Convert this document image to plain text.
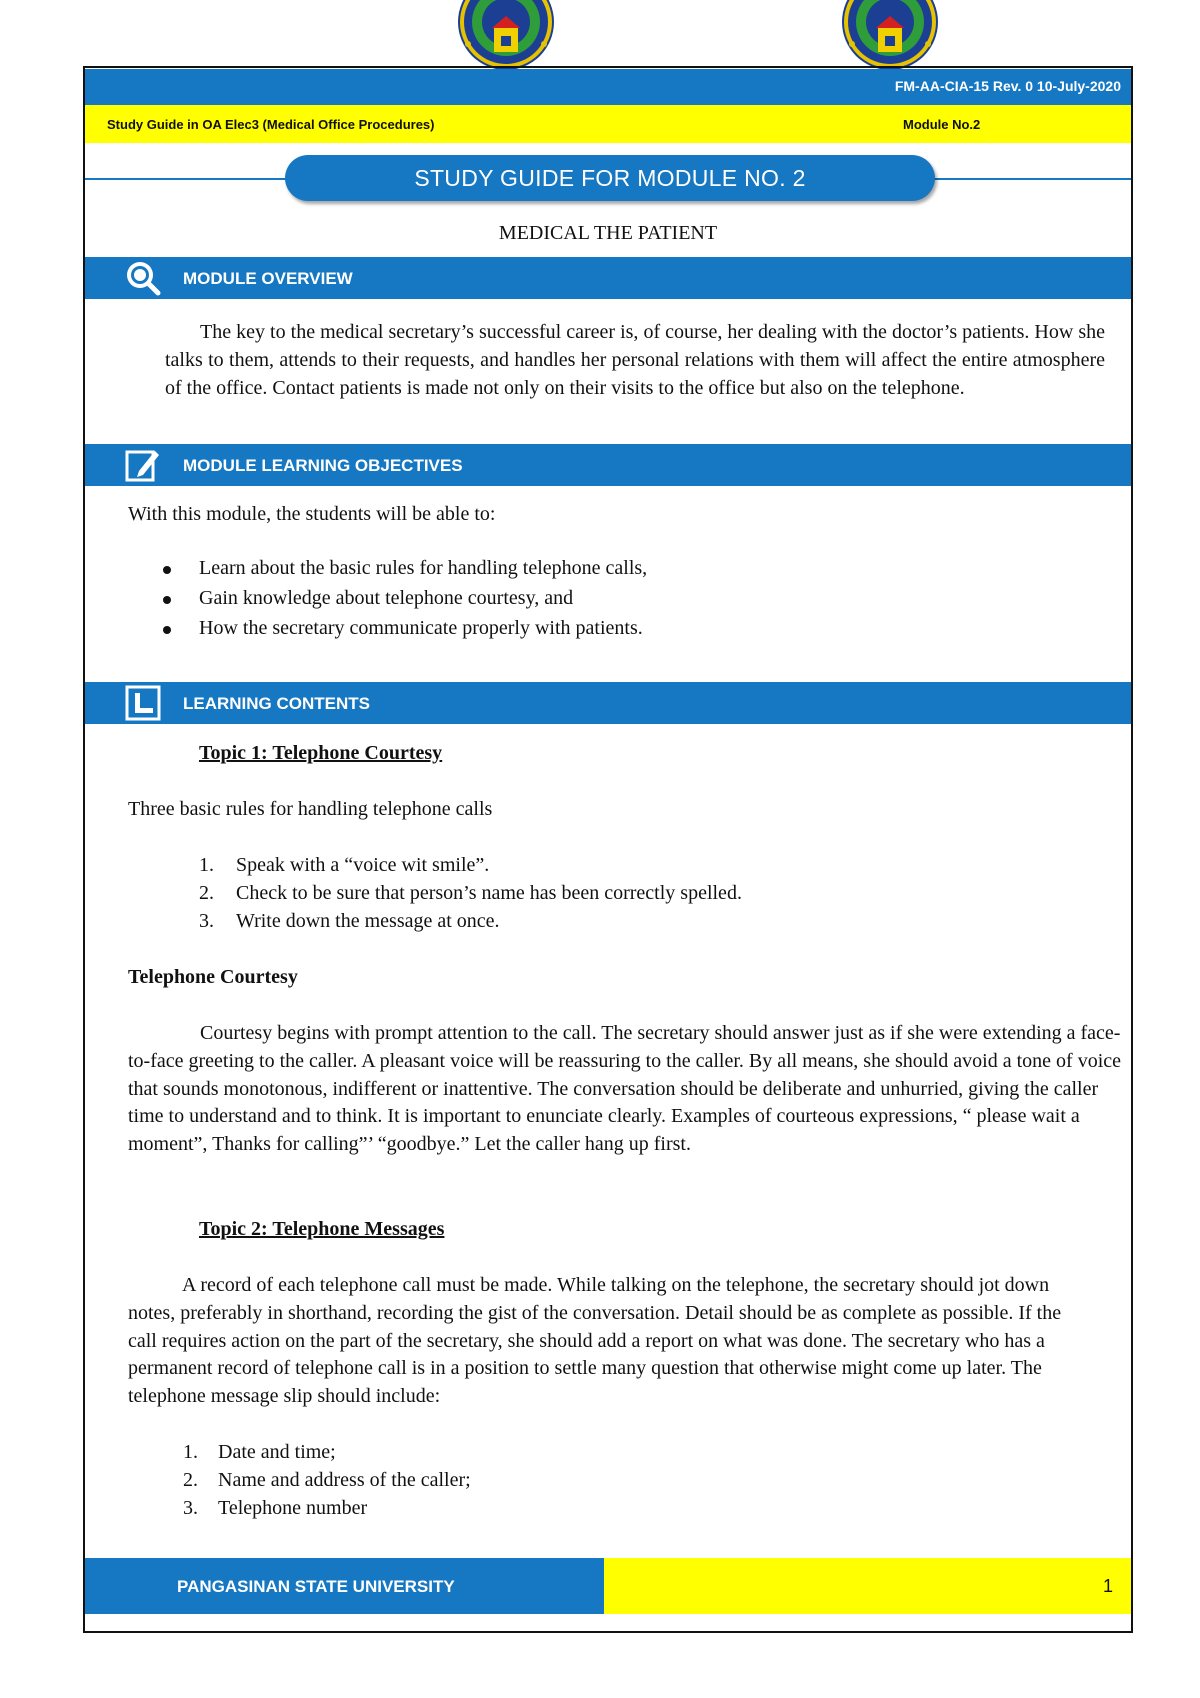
FM-AA-CIA-15 Rev. 0 10-July-2020
Study Guide in OA Elec3 (Medical Office Procedures)	Module No.2
STUDY GUIDE FOR MODULE NO. 2
MEDICAL THE PATIENT
MODULE OVERVIEW
The key to the medical secretary’s successful career is, of course, her dealing with the doctor’s patients. How she talks to them, attends to their requests, and handles her personal relations with them will affect the entire atmosphere of the office. Contact patients is made not only on their visits to the office but also on the telephone.
MODULE LEARNING OBJECTIVES
With this module, the students will be able to:
Learn about the basic rules for handling telephone calls,
Gain knowledge about telephone courtesy, and
How the secretary communicate properly with patients.
LEARNING CONTENTS
Topic 1: Telephone Courtesy
Three basic rules for handling telephone calls
1. Speak with a “voice wit smile”.
2. Check to be sure that person’s name has been correctly spelled.
3. Write down the message at once.
Telephone Courtesy
Courtesy begins with prompt attention to the call. The secretary should answer just as if she were extending a face-to-face greeting to the caller. A pleasant voice will be reassuring to the caller. By all means, she should avoid a tone of voice that sounds monotonous, indifferent or inattentive. The conversation should be deliberate and unhurried, giving the caller time to understand and to think. It is important to enunciate clearly. Examples of courteous expressions, “ please wait a moment”, Thanks for calling”’ “goodbye.” Let the caller hang up first.
Topic 2: Telephone Messages
A record of each telephone call must be made. While talking on the telephone, the secretary should jot down notes, preferably in shorthand, recording the gist of the conversation. Detail should be as complete as possible. If the call requires action on the part of the secretary, she should add a report on what was done. The secretary who has a permanent record of telephone call is in a position to settle many question that otherwise might come up later. The telephone message slip should include:
1. Date and time;
2. Name and address of the caller;
3. Telephone number
PANGASINAN STATE UNIVERSITY	1
